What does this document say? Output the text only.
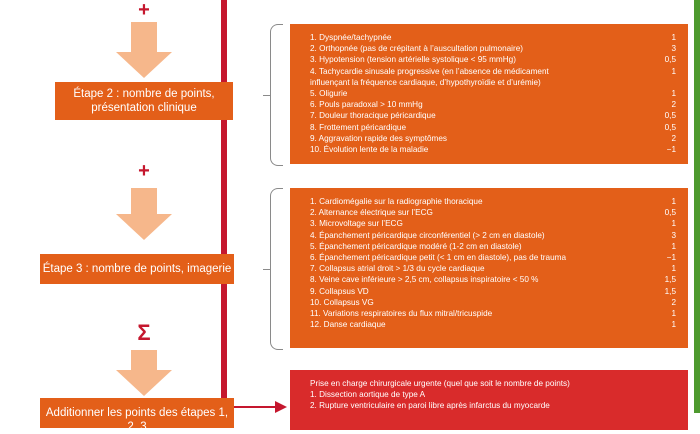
+
Étape 2 : nombre de points,
présentation clinique
+
Étape 3 : nombre de points, imagerie
Σ
Additionner les points des étapes 1, 2, 3
1. Dyspnée/tachypnée	1
2. Orthopnée (pas de crépitant à l’auscultation pulmonaire)	3
3. Hypotension (tension artérielle systolique < 95 mmHg)	0,5
4. Tachycardie sinusale progressive (en l’absence de médicament	1
influençant la fréquence cardiaque, d’hypothyroïdie et d’urémie)
5. Oligurie	1
6. Pouls paradoxal > 10 mmHg	2
7. Douleur thoracique péricardique	0,5
8. Frottement péricardique	0,5
9. Aggravation rapide des symptômes	2
10. Évolution lente de la maladie	−1
1. Cardiomégalie sur la radiographie thoracique	1
2. Alternance électrique sur l’ECG	0,5
3. Microvoltage sur l’ECG	1
4. Épanchement péricardique circonférentiel (> 2 cm en diastole)	3
5. Épanchement péricardique modéré (1-2 cm en diastole)	1
6. Épanchement péricardique petit (< 1 cm en diastole), pas de trauma	−1
7. Collapsus atrial droit > 1/3 du cycle cardiaque	1
8. Veine cave inférieure > 2,5 cm, collapsus inspiratoire < 50 %	1,5
9. Collapsus VD	1,5
10. Collapsus VG	2
11. Variations respiratoires du flux mitral/tricuspide	1
12. Danse cardiaque	1
Prise en charge chirurgicale urgente (quel que soit le nombre de points)
1. Dissection aortique de type A
2. Rupture ventriculaire en paroi libre après infarctus du myocarde
